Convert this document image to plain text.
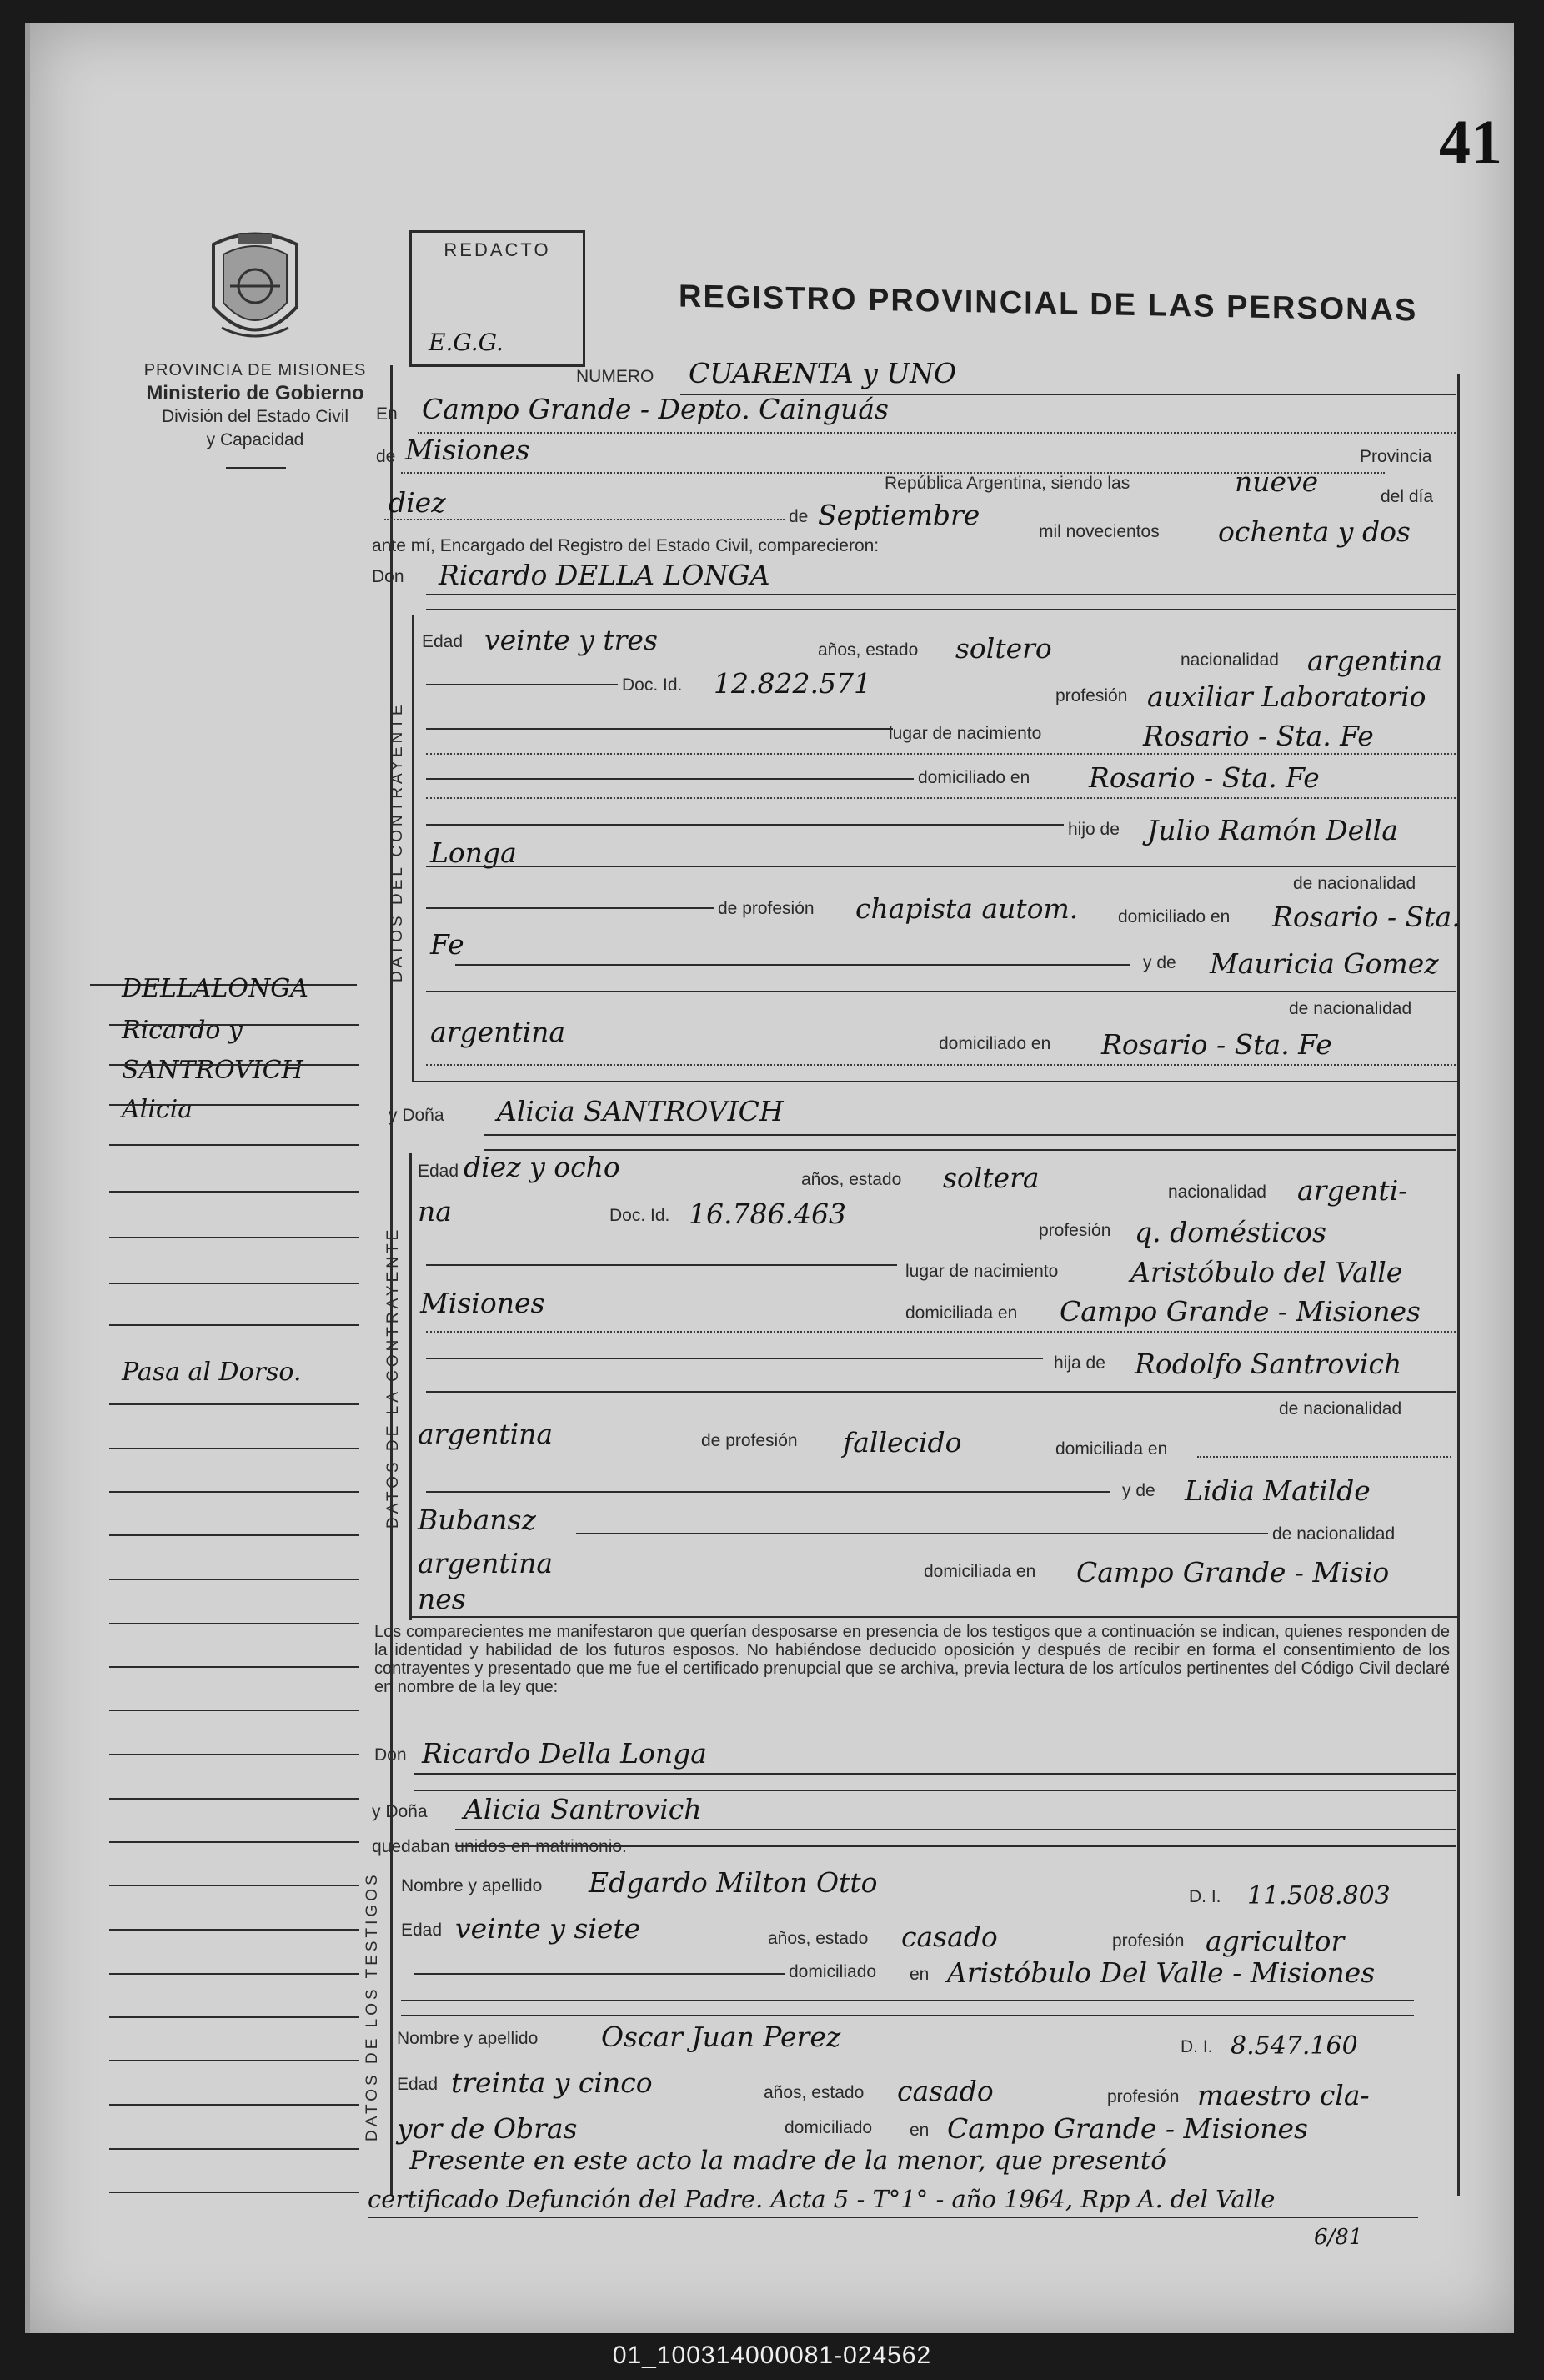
41
PROVINCIA DE MISIONES
Ministerio de Gobierno
División del Estado Civil
y Capacidad
REDACTO
E.G.G.
REGISTRO PROVINCIAL DE LAS PERSONAS
NUMERO CUARENTA y UNO
En Campo Grande - Depto. Cainguás
de Misiones	Provincia
República Argentina, siendo las	nueve	del día
diez	de Septiembre
mil novecientos ochenta y dos
ante mí, Encargado del Registro del Estado Civil, comparecieron:
Don Ricardo DELLA LONGA
DELLALONGA
Ricardo y
SANTROVICH
Alicia
Pasa al Dorso.
DATOS DEL CONTRAYENTE
Edad veinte y tres	años, estado soltero	nacionalidad argentina
Doc. Id. 12.822.571	profesión auxiliar Laboratorio
lugar de nacimiento	Rosario - Sta. Fe
domiciliado en Rosario - Sta. Fe
hijo de Julio Ramón Della
Longa
de nacionalidad
de profesión chapista autom. domiciliado en Rosario - Sta.
Fe
y de Mauricia Gomez
de nacionalidad
argentina	domiciliado en Rosario - Sta. Fe
y Doña Alicia SANTROVICH
DATOS DE LA CONTRAYENTE
Edad diez y ocho	años, estado soltera	nacionalidad argenti-
na	Doc. Id. 16.786.463
profesión q. domésticos
lugar de nacimiento	Aristóbulo del Valle
Misiones	domiciliada en Campo Grande - Misiones
hija de Rodolfo Santrovich
de nacionalidad
argentina	de profesión fallecido	domiciliada en
y de Lidia Matilde
Bubansz	de nacionalidad
argentina	domiciliada en Campo Grande - Misio
nes
Los comparecientes me manifestaron que querían desposarse en presencia de los testigos que a continuación se indican, quienes responden de la identidad y habilidad de los futuros esposos. No habiéndose deducido oposición y después de recibir en forma el consentimiento de los contrayentes y presentado que me fue el certificado prenupcial que se archiva, previa lectura de los artículos pertinentes del Código Civil declaré en nombre de la ley que:
Don Ricardo Della Longa
y Doña Alicia Santrovich
quedaban unidos en matrimonio.
DATOS DE LOS TESTIGOS Nombre y apellido Edgardo Milton Otto	D. I. 11.508.803
Edad veinte y siete	años, estado casado	profesión agricultor
domiciliado en Aristóbulo Del Valle - Misiones
Nombre y apellido Oscar Juan Perez	D. I. 8.547.160
Edad treinta y cinco	años, estado casado	profesión maestro cla-
yor de Obras	domiciliado en Campo Grande - Misiones
Presente en este acto la madre de la menor, que presentó
certificado Defunción del Padre. Acta 5 - T°1° - año 1964, Rpp A. del Valle
6/81
01_100314000081-024562
